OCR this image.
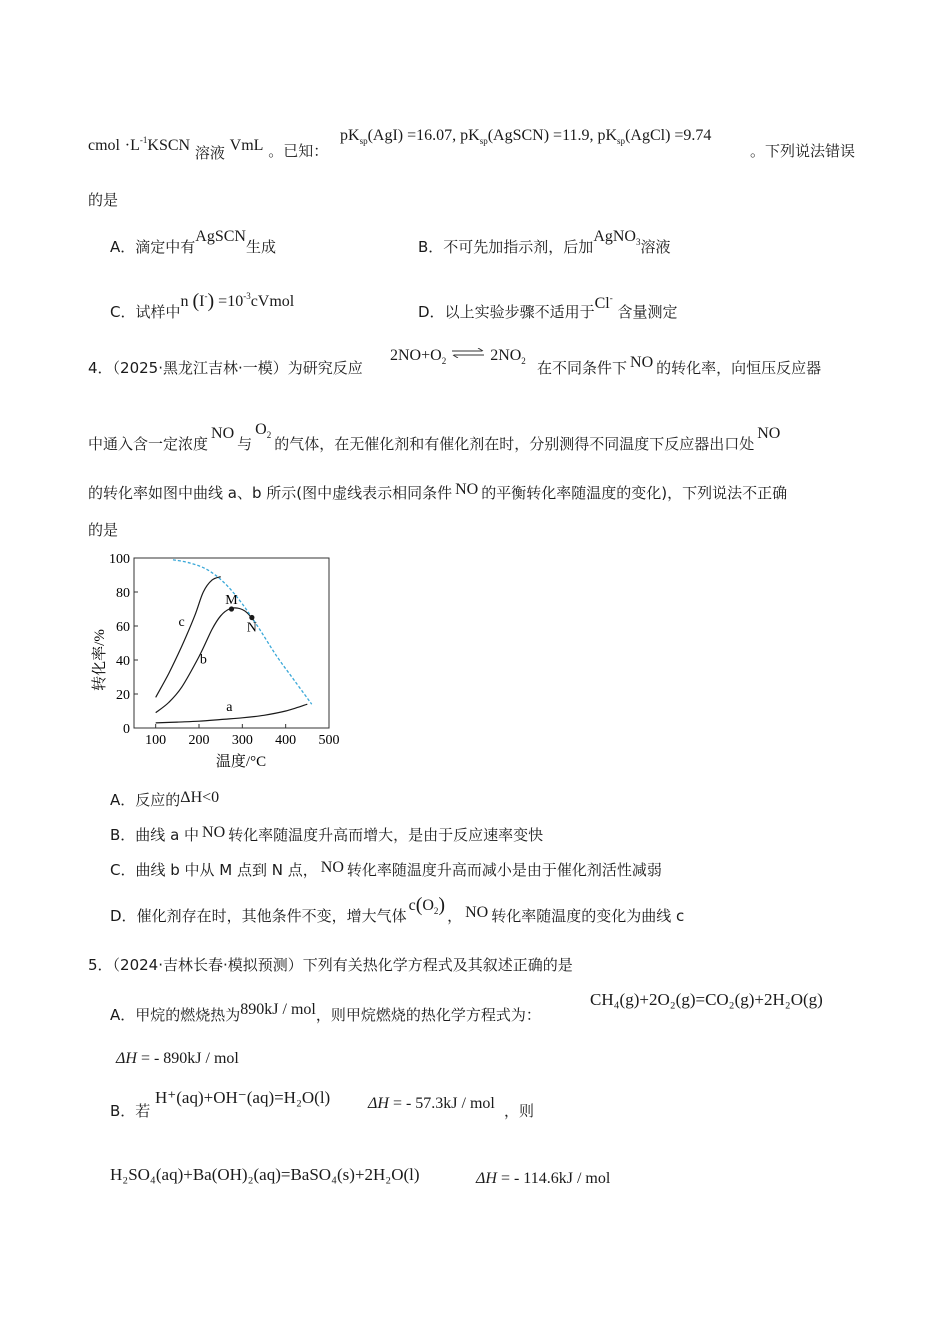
cmol $\cdot L^{-1}KSCN$ 溶液 VmL 。已知：
$pK_{sp}(AgI) =16.07$, $pK_{sp}(AgSCN) =11.9$, $pK_{sp}(AgCl) =9.74$
。下列说法错误
的是
A．滴定中有AgSCN生成	B．不可先加指示剂，后加AgNO$_3$溶液
C．试样中n $(I^-) =10^{-3}cVmol$
D．以上实验步骤不适用于Cl- 含量测定
4．（2025·黑龙江吉林·一模）为研究反应
$2NO+O_2$	$2NO_2$ 在不同条件下 NO 的转化率，向恒压反应器
中通入含一定浓度NO与$O_2$ 的气体，在无催化剂和有催化剂在时，分别测得不同温度下反应器出口处NO
的转化率如图中曲线 a、b 所示(图中虚线表示相同条件 NO 的平衡转化率随温度的变化)，下列说法不正确
的是
0
20
40
60
80
100
100 200 300 400 500
a
b
c
M
N
转化率/%
温度/°C
A．反应的ΔH<0
B．曲线 a 中 NO 转化率随温度升高而增大，是由于反应速率变快
C．曲线 b 中从 M 点到 N 点， NO 转化率随温度升高而减小是由于催化剂活性减弱
D．催化剂存在时，其他条件不变，增大气体$c(O_2)$ ， NO 转化率随温度的变化为曲线 c
5．（2024·吉林长春·模拟预测）下列有关热化学方程式及其叙述正确的是
A．甲烷的燃烧热为890kJ / mol，则甲烷燃烧的热化学方程式为：
CH₄(g)+2O₂(g)=CO₂(g)+2H₂O(g)
ΔH = - 890kJ / mol
B．若
H⁺(aq)+OH⁻(aq)=H₂O(l) ΔH = - 57.3kJ / mol ，则
H₂SO₄(aq)+Ba(OH)₂(aq)=BaSO₄(s)+2H₂O(l)	ΔH = - 114.6kJ / mol
